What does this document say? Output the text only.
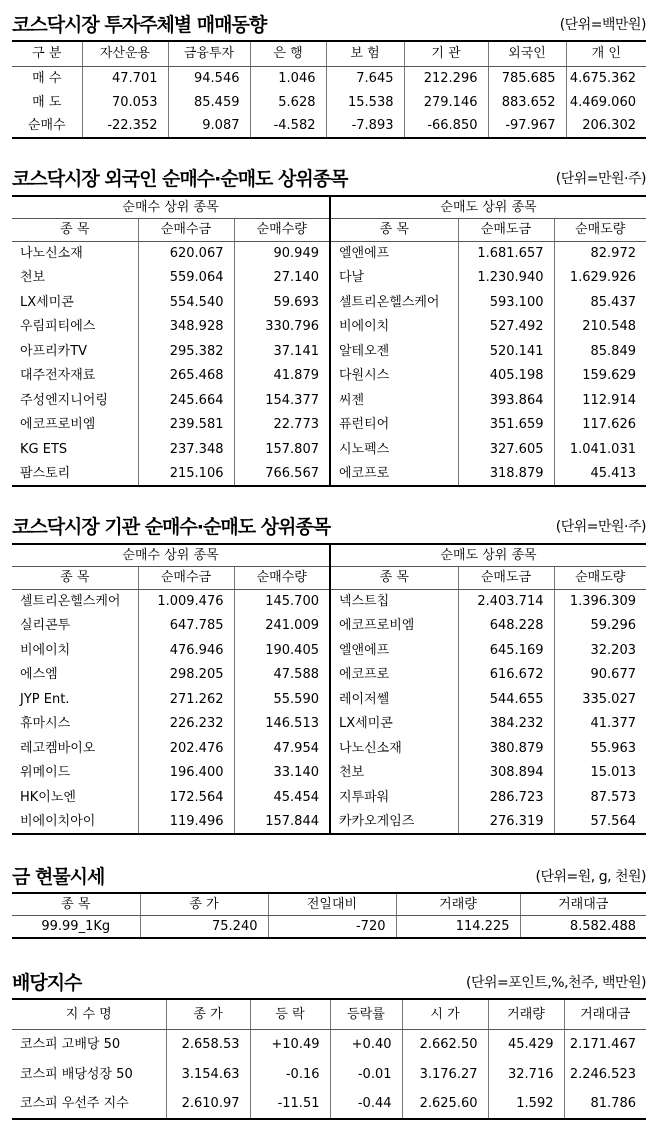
코스닥시장 투자주체별 매매동향	(단위=백만원)
구 분	자산운용	금융투자	은 행	보 험	기 관	외국인	개 인
매 수	47.701	94.546	1.046	7.645	212.296	785.685	4.675.362
매 도	70.053	85.459	5.628	15.538	279.146	883.652	4.469.060
순매수	-22.352	9.087	-4.582	-7.893	-66.850	-97.967	206.302
코스닥시장 외국인 순매수·순매도 상위종목	(단위=만원·주)
순매수 상위 종목			순매도 상위 종목		
종 목	순매수금	순매수량	종 목	순매도금	순매도량
나노신소재	620.067	90.949	엘앤에프	1.681.657	82.972
천보	559.064	27.140	다날	1.230.940	1.629.926
LX세미콘	554.540	59.693	셀트리온헬스케어	593.100	85.437
우림피티에스	348.928	330.796	비에이치	527.492	210.548
아프리카TV	295.382	37.141	알테오젠	520.141	85.849
대주전자재료	265.468	41.879	다원시스	405.198	159.629
주성엔지니어링	245.664	154.377	씨젠	393.864	112.914
에코프로비엠	239.581	22.773	퓨런티어	351.659	117.626
KG ETS	237.348	157.807	시노펙스	327.605	1.041.031
팜스토리	215.106	766.567	에코프로	318.879	45.413
코스닥시장 기관 순매수·순매도 상위종목	(단위=만원·주)
순매수 상위 종목			순매도 상위 종목		
종 목	순매수금	순매수량	종 목	순매도금	순매도량
셀트리온헬스케어	1.009.476	145.700	넥스트칩	2.403.714	1.396.309
실리콘투	647.785	241.009	에코프로비엠	648.228	59.296
비에이치	476.946	190.405	엘앤에프	645.169	32.203
에스엠	298.205	47.588	에코프로	616.672	90.677
JYP Ent.	271.262	55.590	레이저쎌	544.655	335.027
휴마시스	226.232	146.513	LX세미콘	384.232	41.377
레고켐바이오	202.476	47.954	나노신소재	380.879	55.963
위메이드	196.400	33.140	천보	308.894	15.013
HK이노엔	172.564	45.454	지투파워	286.723	87.573
비에이치아이	119.496	157.844	카카오게임즈	276.319	57.564
금 현물시세	(단위=원, g, 천원)
종 목	종 가	전일대비	거래량	거래대금
99.99_1Kg	75.240	-720	114.225	8.582.488
배당지수	(단위=포인트,%,천주, 백만원)
지 수 명	종 가	등 락	등락률	시 가	거래량	거래대금
코스피 고배당 50	2.658.53	+10.49	+0.40	2.662.50	45.429	2.171.467
코스피 배당성장 50	3.154.63	-0.16	-0.01	3.176.27	32.716	2.246.523
코스피 우선주 지수	2.610.97	-11.51	-0.44	2.625.60	1.592	81.786
